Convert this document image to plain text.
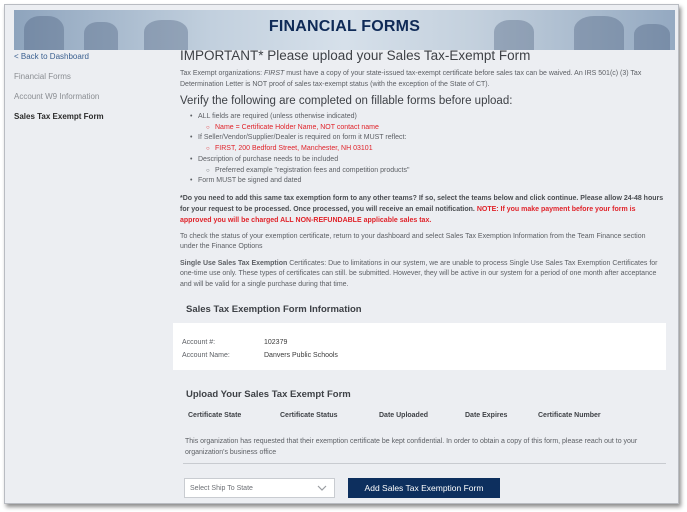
FINANCIAL FORMS
< Back to Dashboard
Financial Forms
Account W9 Information
Sales Tax Exempt Form
IMPORTANT* Please upload your Sales Tax-Exempt Form
Tax Exempt organizations: FIRST must have a copy of your state-issued tax-exempt certificate before sales tax can be waived. An IRS 501(c) (3) Tax Determination Letter is NOT proof of sales tax-exempt status (with the exception of the State of CT).
Verify the following are completed on fillable forms before upload:
• ALL fields are required (unless otherwise indicated)
○ Name = Certificate Holder Name, NOT contact name
• If Seller/Vendor/Supplier/Dealer is required on form it MUST reflect:
○ FIRST, 200 Bedford Street, Manchester, NH 03101
• Description of purchase needs to be included
○ Preferred example "registration fees and competition products"
• Form MUST be signed and dated
*Do you need to add this same tax exemption form to any other teams? If so, select the teams below and click continue. Please allow 24-48 hours for your request to be processed. Once processed, you will receive an email notification. NOTE: If you make payment before your form is approved you will be charged ALL NON-REFUNDABLE applicable sales tax.
To check the status of your exemption certificate, return to your dashboard and select Sales Tax Exemption Information from the Team Finance section under the Finance Options
Single Use Sales Tax Exemption Certificates: Due to limitations in our system, we are unable to process Single Use Sales Tax Exemption Certificates for one-time use only. These types of certificates can still. be submitted. However, they will be active in our system for a period of one month after acceptance and will be valid for a single purchase during that time.
Sales Tax Exemption Form Information
Account #:	102379
Account Name:	Danvers Public Schools
Upload Your Sales Tax Exempt Form
Certificate State	Certificate Status	Date Uploaded	Date Expires	Certificate Number
This organization has requested that their exemption certificate be kept confidential. In order to obtain a copy of this form, please reach out to your organization's business office
Select Ship To State	Add Sales Tax Exemption Form
